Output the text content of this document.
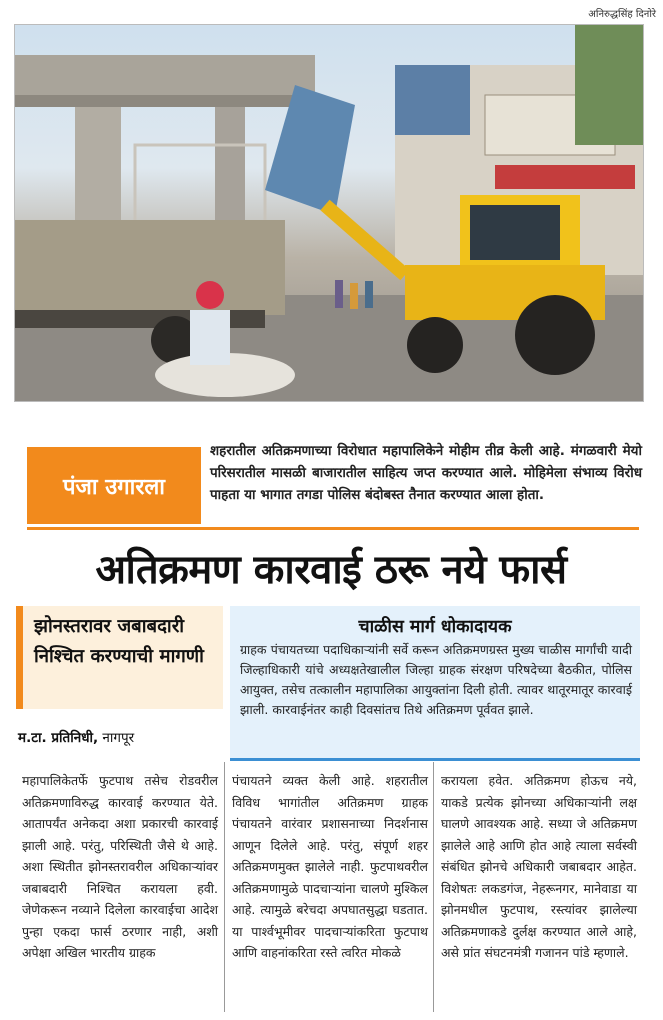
अनिरुद्धसिंह दिनोरे
पंजा उगारला
शहरातील अतिक्रमणाच्या विरोधात महापालिकेने मोहीम तीव्र केली आहे. मंगळवारी मेयो परिसरातील मासळी बाजारातील साहित्य जप्त करण्यात आले. मोहिमेला संभाव्य विरोध पाहता या भागात तगडा पोलिस बंदोबस्त तैनात करण्यात आला होता.
अतिक्रमण कारवाई ठरू नये फार्स
झोनस्तरावर जबाबदारी निश्चित करण्याची मागणी
म.टा. प्रतिनिधी, नागपूर
चाळीस मार्ग धोकादायक
ग्राहक पंचायतच्या पदाधिकाऱ्यांनी सर्वे करून अतिक्रमणग्रस्त मुख्य चाळीस मार्गांची यादी जिल्हाधिकारी यांचे अध्यक्षतेखालील जिल्हा ग्राहक संरक्षण परिषदेच्या बैठकीत, पोलिस आयुक्त, तसेच तत्कालीन महापालिका आयुक्तांना दिली होती. त्यावर थातूरमातूर कारवाई झाली. कारवाईनंतर काही दिवसांतच तिथे अतिक्रमण पूर्ववत झाले.
महापालिकेतर्फे फुटपाथ तसेच रोडवरील अतिक्रमणाविरुद्ध कारवाई करण्यात येते. आतापर्यंत अनेकदा अशा प्रकारची कारवाई झाली आहे. परंतु, परिस्थिती जैसे थे आहे. अशा स्थितीत झोनस्तरावरील अधिकाऱ्यांवर जबाबदारी निश्चित करायला हवी. जेणेकरून नव्याने दिलेला कारवाईचा आदेश पुन्हा एकदा फार्स ठरणार नाही, अशी अपेक्षा अखिल भारतीय ग्राहक
पंचायतने व्यक्त केली आहे. शहरातील विविध भागांतील अतिक्रमण ग्राहक पंचायतने वारंवार प्रशासनाच्या निदर्शनास आणून दिलेले आहे. परंतु, संपूर्ण शहर अतिक्रमणमुक्त झालेले नाही. फुटपाथवरील अतिक्रमणामुळे पादचाऱ्यांना चालणे मुश्किल आहे. त्यामुळे बरेचदा अपघातसुद्धा घडतात. या पार्श्वभूमीवर पादचाऱ्यांकरिता फुटपाथ आणि वाहनांकरिता रस्ते त्वरित मोकळे
करायला हवेत. अतिक्रमण होऊच नये, याकडे प्रत्येक झोनच्या अधिकाऱ्यांनी लक्ष घालणे आवश्यक आहे. सध्या जे अतिक्रमण झालेले आहे आणि होत आहे त्याला सर्वस्वी संबंधित झोनचे अधिकारी जबाबदार आहेत. विशेषतः लकडगंज, नेहरूनगर, मानेवाडा या झोनमधील फुटपाथ, रस्त्यांवर झालेल्या अतिक्रमणाकडे दुर्लक्ष करण्यात आले आहे, असे प्रांत संघटनमंत्री गजानन पांडे म्हणाले.
